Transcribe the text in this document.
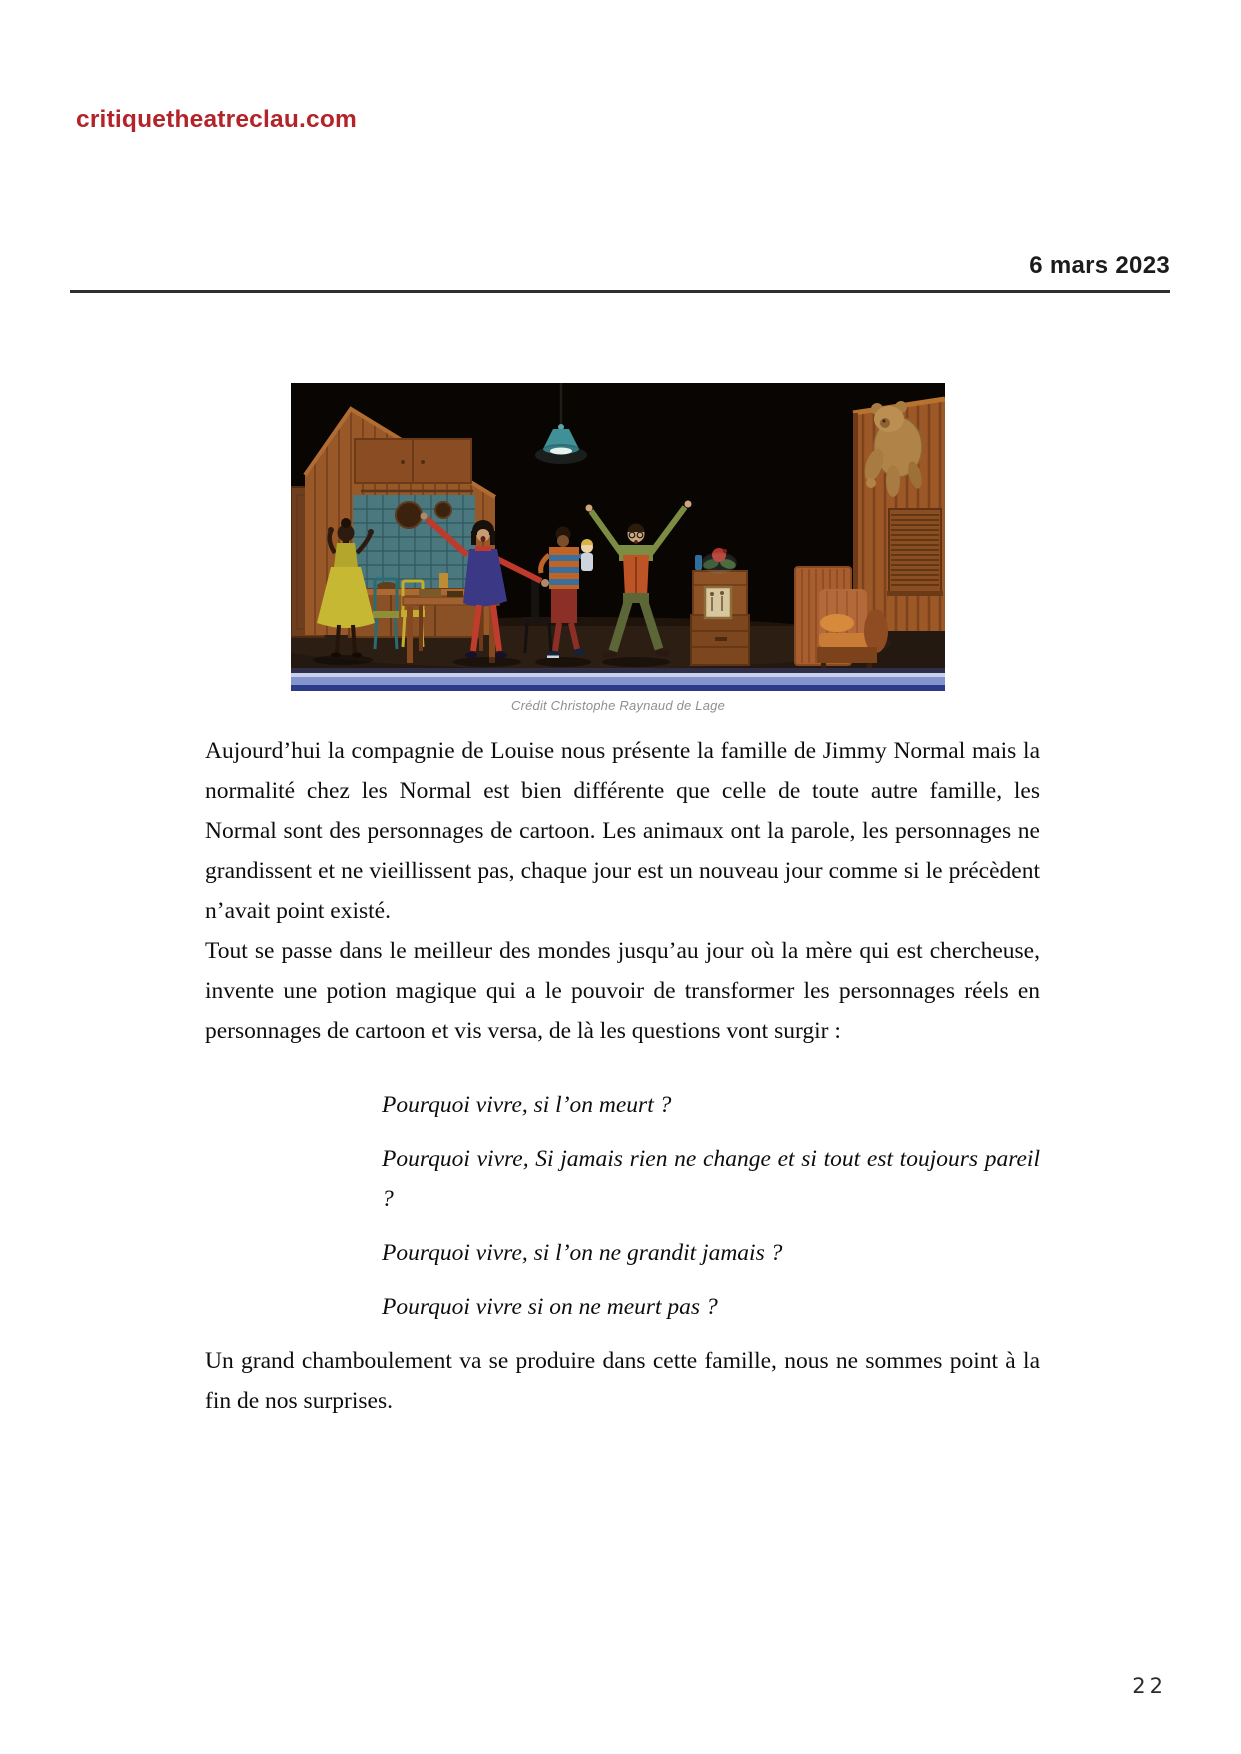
critiquetheatreclau.com
6 mars 2023
Crédit Christophe Raynaud de Lage

Aujourd’hui la compagnie de Louise nous présente la famille de Jimmy Normal mais la normalité chez les Normal est bien différente que celle de toute autre famille, les Normal sont des personnages de cartoon. Les animaux ont la parole, les personnages ne grandissent et ne vieillissent pas, chaque jour est un nouveau jour comme si le précèdent n’avait point existé.

Tout se passe dans le meilleur des mondes jusqu’au jour où la mère qui est chercheuse, invente une potion magique qui a le pouvoir de transformer les personnages réels en personnages de cartoon et vis versa, de là les questions vont surgir :

Pourquoi vivre, si l’on meurt ?

Pourquoi vivre, Si jamais rien ne change et si tout est toujours pareil ?

Pourquoi vivre, si l’on ne grandit jamais ?

Pourquoi vivre si on ne meurt pas ?

Un grand chamboulement va se produire dans cette famille, nous ne sommes point à la fin de nos surprises.

22
